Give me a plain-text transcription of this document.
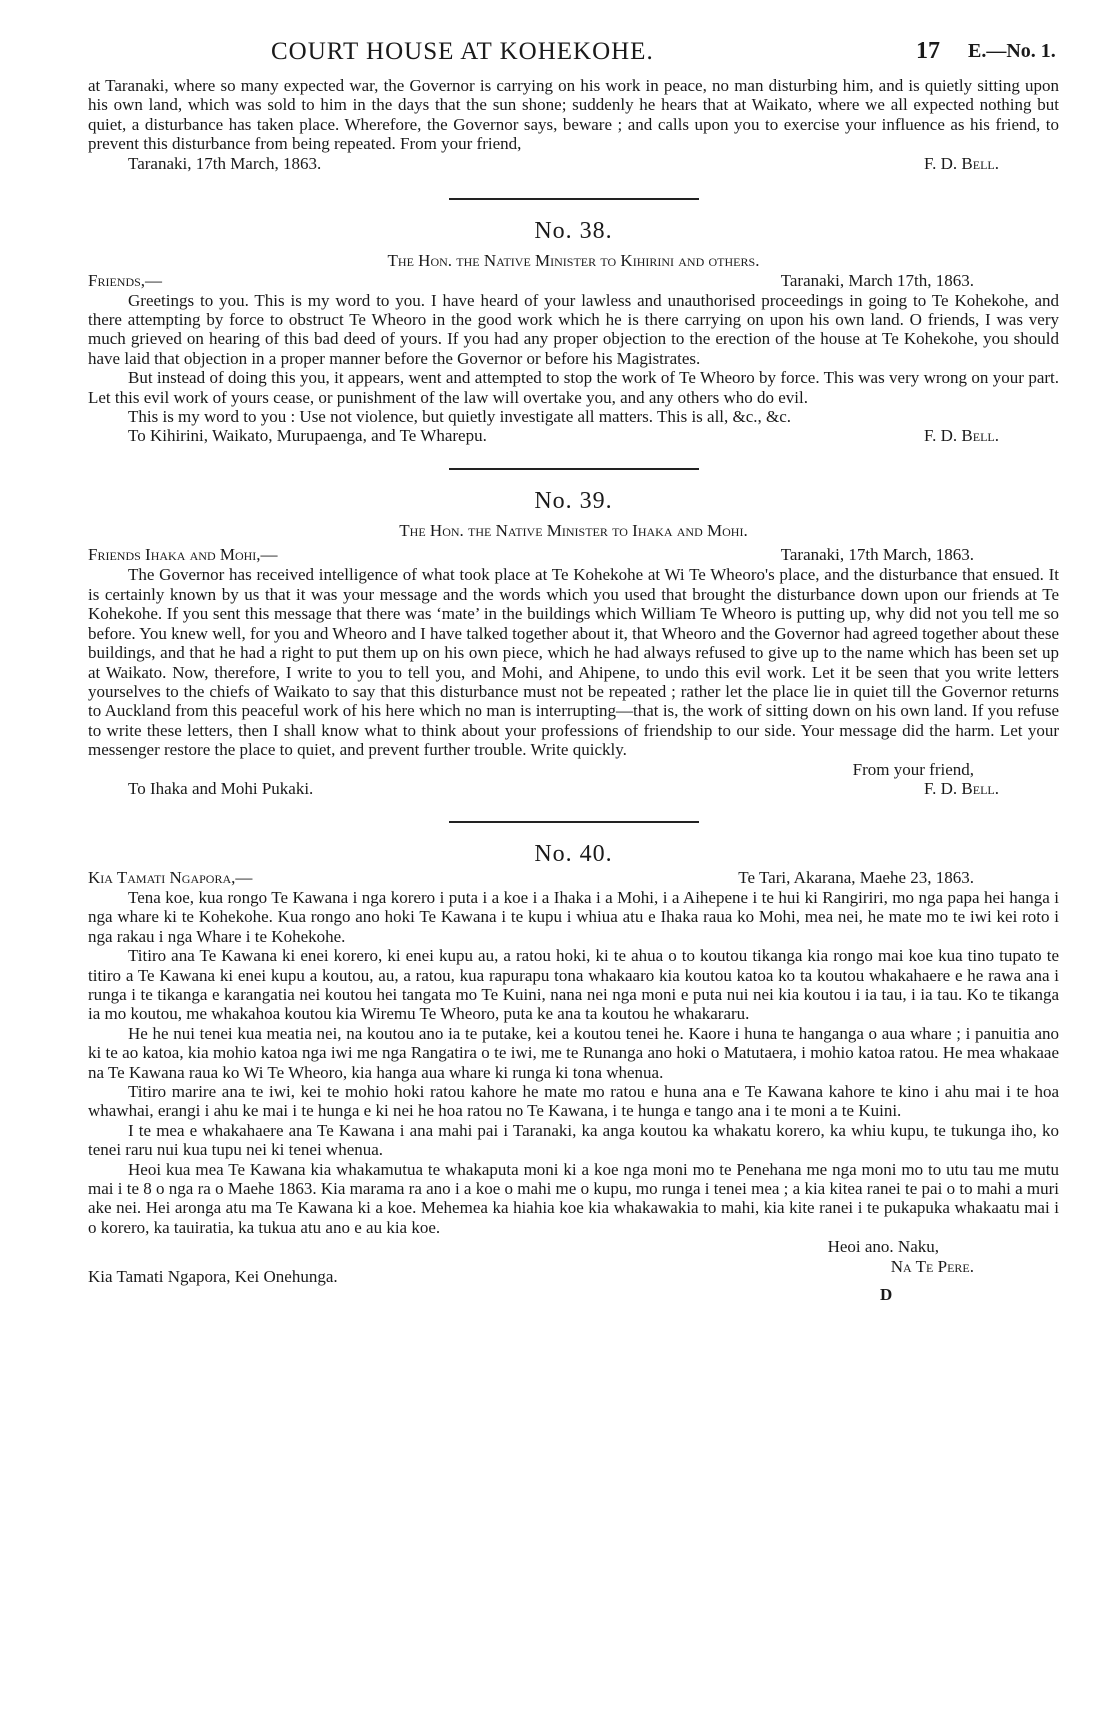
COURT HOUSE AT KOHEKOHE.	17 E.—No. 1.

at Taranaki, where so many expected war, the Governor is carrying on his work in peace, no man disturbing him, and is quietly sitting upon his own land, which was sold to him in the days that the sun shone; suddenly he hears that at Waikato, where we all expected nothing but quiet, a disturbance has taken place. Wherefore, the Governor says, beware ; and calls upon you to exercise your influence as his friend, to prevent this disturbance from being repeated. From your friend,

Taranaki, 17th March, 1863.	F. D. Bell.
No. 38.
The Hon. the Native Minister to Kihirini and others.
Friends,—	Taranaki, March 17th, 1863.

Greetings to you. This is my word to you. I have heard of your lawless and unauthorised proceedings in going to Te Kohekohe, and there attempting by force to obstruct Te Wheoro in the good work which he is there carrying on upon his own land. O friends, I was very much grieved on hearing of this bad deed of yours. If you had any proper objection to the erection of the house at Te Kohekohe, you should have laid that objection in a proper manner before the Governor or before his Magistrates.

But instead of doing this you, it appears, went and attempted to stop the work of Te Wheoro by force. This was very wrong on your part. Let this evil work of yours cease, or punishment of the law will overtake you, and any others who do evil.

This is my word to you : Use not violence, but quietly investigate all matters. This is all, &c., &c.

To Kihirini, Waikato, Murupaenga, and Te Wharepu.	F. D. Bell.
No. 39.
The Hon. the Native Minister to Ihaka and Mohi.
Friends Ihaka and Mohi,—	Taranaki, 17th March, 1863.

The Governor has received intelligence of what took place at Te Kohekohe at Wi Te Wheoro's place, and the disturbance that ensued. It is certainly known by us that it was your message and the words which you used that brought the disturbance down upon our friends at Te Kohekohe. If you sent this message that there was ‘mate’ in the buildings which William Te Wheoro is putting up, why did not you tell me so before. You knew well, for you and Wheoro and I have talked together about it, that Wheoro and the Governor had agreed together about these buildings, and that he had a right to put them up on his own piece, which he had always refused to give up to the name which has been set up at Waikato. Now, therefore, I write to you to tell you, and Mohi, and Ahipene, to undo this evil work. Let it be seen that you write letters yourselves to the chiefs of Waikato to say that this disturbance must not be repeated ; rather let the place lie in quiet till the Governor returns to Auckland from this peaceful work of his here which no man is interrupting—that is, the work of sitting down on his own land. If you refuse to write these letters, then I shall know what to think about your professions of friendship to our side. Your message did the harm. Let your messenger restore the place to quiet, and prevent further trouble. Write quickly.

From your friend,
To Ihaka and Mohi Pukaki.	F. D. Bell.
No. 40.
Kia Tamati Ngapora,—	Te Tari, Akarana, Maehe 23, 1863.

Tena koe, kua rongo Te Kawana i nga korero i puta i a koe i a Ihaka i a Mohi, i a Aihepene i te hui ki Rangiriri, mo nga papa hei hanga i nga whare ki te Kohekohe. Kua rongo ano hoki Te Kawana i te kupu i whiua atu e Ihaka raua ko Mohi, mea nei, he mate mo te iwi kei roto i nga rakau i nga Whare i te Kohekohe.

Titiro ana Te Kawana ki enei korero, ki enei kupu au, a ratou hoki, ki te ahua o to koutou tikanga kia rongo mai koe kua tino tupato te titiro a Te Kawana ki enei kupu a koutou, au, a ratou, kua rapurapu tona whakaaro kia koutou katoa ko ta koutou whakahaere e he rawa ana i runga i te tikanga e karangatia nei koutou hei tangata mo Te Kuini, nana nei nga moni e puta nui nei kia koutou i ia tau, i ia tau. Ko te tikanga ia mo koutou, me whakahoa koutou kia Wiremu Te Wheoro, puta ke ana ta koutou he whakararu.

He he nui tenei kua meatia nei, na koutou ano ia te putake, kei a koutou tenei he. Kaore i huna te hanganga o aua whare ; i panuitia ano ki te ao katoa, kia mohio katoa nga iwi me nga Rangatira o te iwi, me te Runanga ano hoki o Matutaera, i mohio katoa ratou. He mea whakaae na Te Kawana raua ko Wi Te Wheoro, kia hanga aua whare ki runga ki tona whenua.

Titiro marire ana te iwi, kei te mohio hoki ratou kahore he mate mo ratou e huna ana e Te Kawana kahore te kino i ahu mai i te hoa whawhai, erangi i ahu ke mai i te hunga e ki nei he hoa ratou no Te Kawana, i te hunga e tango ana i te moni a te Kuini.

I te mea e whakahaere ana Te Kawana i ana mahi pai i Taranaki, ka anga koutou ka whakatu korero, ka whiu kupu, te tukunga iho, ko tenei raru nui kua tupu nei ki tenei whenua.

Heoi kua mea Te Kawana kia whakamutua te whakaputa moni ki a koe nga moni mo te Penehana me nga moni mo to utu tau me mutu mai i te 8 o nga ra o Maehe 1863. Kia marama ra ano i a koe o mahi me o kupu, mo runga i tenei mea ; a kia kitea ranei te pai o to mahi a muri ake nei. Hei aronga atu ma Te Kawana ki a koe. Mehemea ka hiahia koe kia whakawakia to mahi, kia kite ranei i te pukapuka whakaatu mai i o korero, ka tauiratia, ka tukua atu ano e au kia koe.

Heoi ano. Naku,
Kia Tamati Ngapora, Kei Onehunga.
Na Te Pere.
D
